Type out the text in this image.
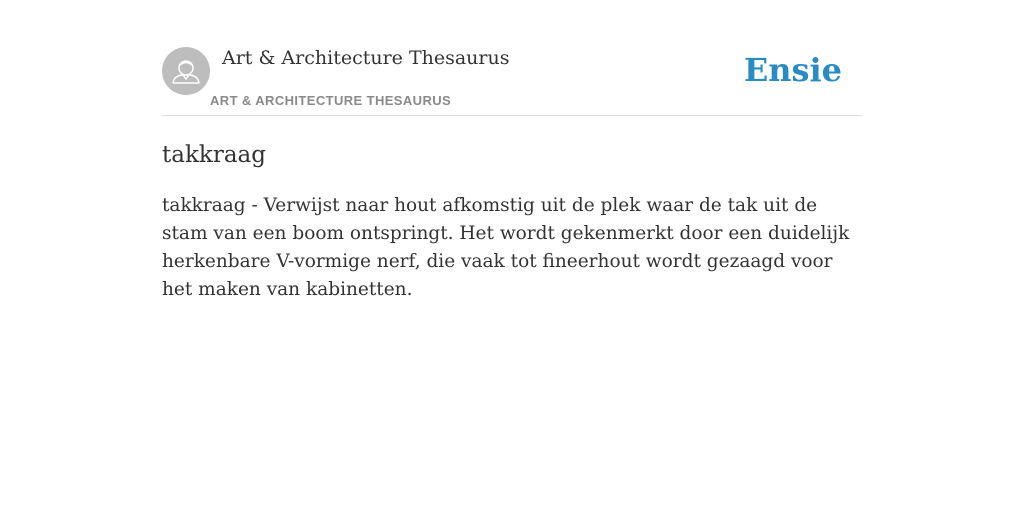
Art & Architecture Thesaurus
ART & ARCHITECTURE THESAURUS
Ensie
takkraag

takkraag - Verwijst naar hout afkomstig uit de plek waar de tak uit de stam van een boom ontspringt. Het wordt gekenmerkt door een duidelijk herkenbare V-vormige nerf, die vaak tot fineerhout wordt gezaagd voor het maken van kabinetten.
